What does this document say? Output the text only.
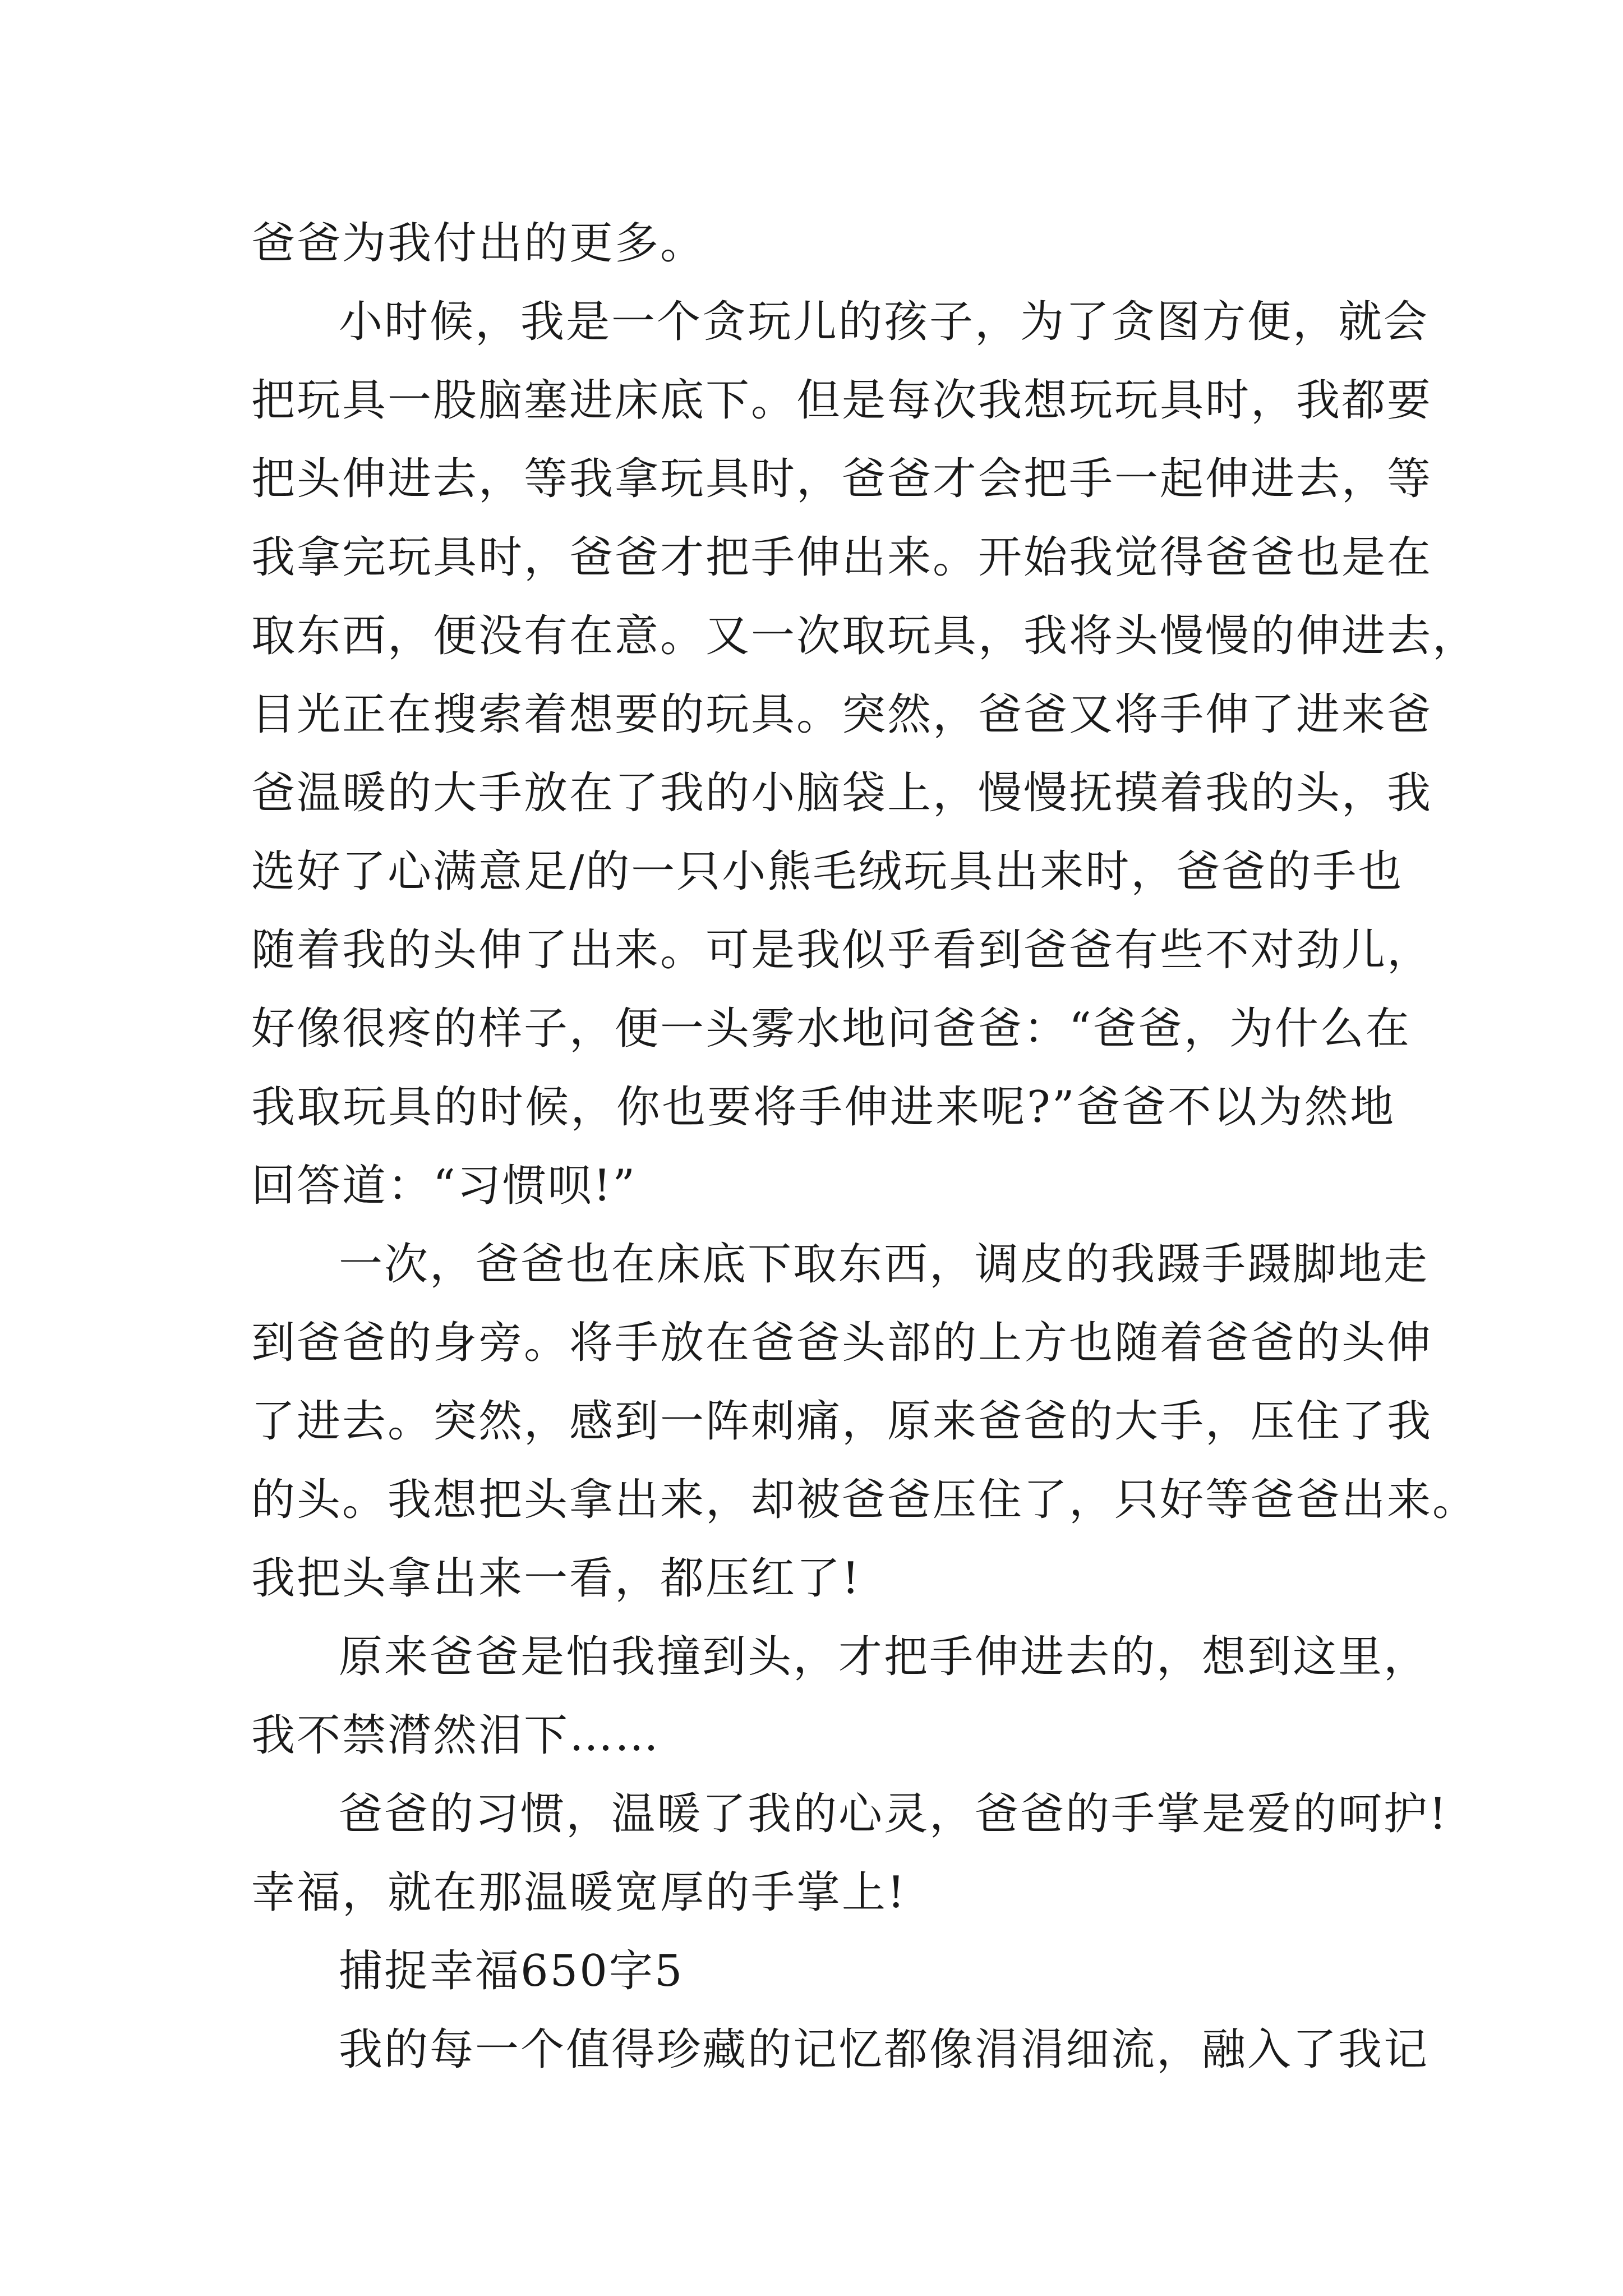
爸爸为我付出的更多。
小时候，我是一个贪玩儿的孩子，为了贪图方便，就会
把玩具一股脑塞进床底下。但是每次我想玩玩具时，我都要
把头伸进去，等我拿玩具时，爸爸才会把手一起伸进去，等
我拿完玩具时，爸爸才把手伸出来。开始我觉得爸爸也是在
取东西，便没有在意。又一次取玩具，我将头慢慢的伸进去，
目光正在搜索着想要的玩具。突然，爸爸又将手伸了进来爸
爸温暖的大手放在了我的小脑袋上，慢慢抚摸着我的头，我
选好了心满意足/的一只小熊毛绒玩具出来时，爸爸的手也
随着我的头伸了出来。可是我似乎看到爸爸有些不对劲儿，
好像很疼的样子，便一头雾水地问爸爸：“爸爸，为什么在
我取玩具的时候，你也要将手伸进来呢?”爸爸不以为然地
回答道：“习惯呗!”
一次，爸爸也在床底下取东西，调皮的我蹑手蹑脚地走
到爸爸的身旁。将手放在爸爸头部的上方也随着爸爸的头伸
了进去。突然，感到一阵刺痛，原来爸爸的大手，压住了我
的头。我想把头拿出来，却被爸爸压住了，只好等爸爸出来。
我把头拿出来一看，都压红了!
原来爸爸是怕我撞到头，才把手伸进去的，想到这里，
我不禁潸然泪下……
爸爸的习惯，温暖了我的心灵，爸爸的手掌是爱的呵护!
幸福，就在那温暖宽厚的手掌上!
捕捉幸福650字5
我的每一个值得珍藏的记忆都像涓涓细流，融入了我记
